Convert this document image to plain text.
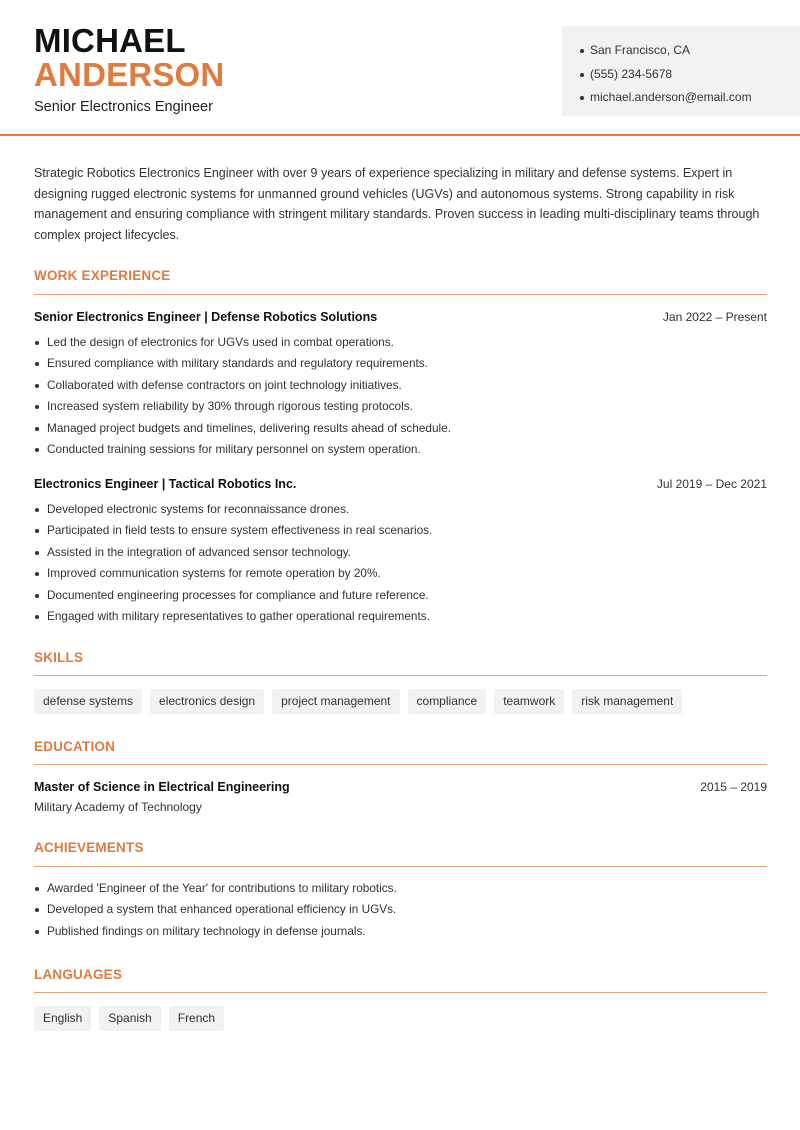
MICHAEL
ANDERSON
Senior Electronics Engineer
San Francisco, CA
(555) 234-5678
michael.anderson@email.com

Strategic Robotics Electronics Engineer with over 9 years of experience specializing in military and defense systems. Expert in designing rugged electronic systems for unmanned ground vehicles (UGVs) and autonomous systems. Strong capability in risk management and ensuring compliance with stringent military standards. Proven success in leading multi-disciplinary teams through complex project lifecycles.

WORK EXPERIENCE
Senior Electronics Engineer | Defense Robotics Solutions	Jan 2022 – Present
Led the design of electronics for UGVs used in combat operations.
Ensured compliance with military standards and regulatory requirements.
Collaborated with defense contractors on joint technology initiatives.
Increased system reliability by 30% through rigorous testing protocols.
Managed project budgets and timelines, delivering results ahead of schedule.
Conducted training sessions for military personnel on system operation.
Electronics Engineer | Tactical Robotics Inc.	Jul 2019 – Dec 2021
Developed electronic systems for reconnaissance drones.
Participated in field tests to ensure system effectiveness in real scenarios.
Assisted in the integration of advanced sensor technology.
Improved communication systems for remote operation by 20%.
Documented engineering processes for compliance and future reference.
Engaged with military representatives to gather operational requirements.
SKILLS
defense systems	electronics design	project management	compliance	teamwork	risk management
EDUCATION
Master of Science in Electrical Engineering	2015 – 2019
Military Academy of Technology
ACHIEVEMENTS
Awarded 'Engineer of the Year' for contributions to military robotics.
Developed a system that enhanced operational efficiency in UGVs.
Published findings on military technology in defense journals.
LANGUAGES
English	Spanish	French
